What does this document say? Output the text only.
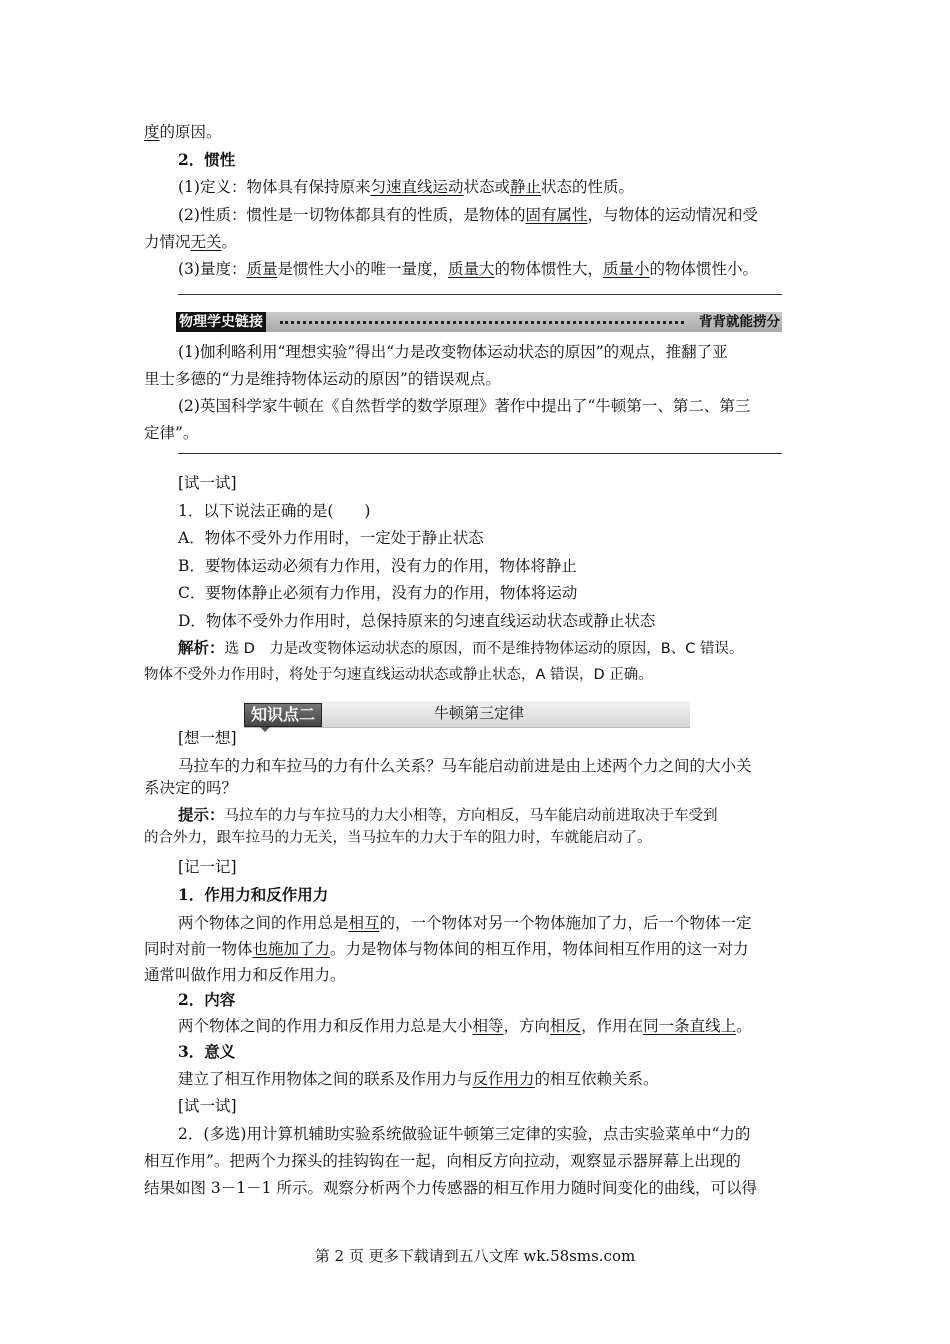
度的原因。
2．惯性
(1)定义：物体具有保持原来匀速直线运动状态或静止状态的性质。
(2)性质：惯性是一切物体都具有的性质，是物体的固有属性，与物体的运动情况和受
力情况无关。
(3)量度：质量是惯性大小的唯一量度，质量大的物体惯性大，质量小的物体惯性小。
物理学史链接	背背就能捞分
(1)伽利略利用“理想实验”得出“力是改变物体运动状态的原因”的观点，推翻了亚
里士多德的“力是维持物体运动的原因”的错误观点。
(2)英国科学家牛顿在《自然哲学的数学原理》著作中提出了“牛顿第一、第二、第三
定律”。
[试一试]
1．以下说法正确的是(　　)
A．物体不受外力作用时，一定处于静止状态
B．要物体运动必须有力作用，没有力的作用，物体将静止
C．要物体静止必须有力作用，没有力的作用，物体将运动
D．物体不受外力作用时，总保持原来的匀速直线运动状态或静止状态
解析：选 D　力是改变物体运动状态的原因，而不是维持物体运动的原因，B、C 错误。
物体不受外力作用时，将处于匀速直线运动状态或静止状态，A 错误，D 正确。
知识点二	牛顿第三定律
[想一想]
马拉车的力和车拉马的力有什么关系？马车能启动前进是由上述两个力之间的大小关
系决定的吗？
提示：马拉车的力与车拉马的力大小相等，方向相反，马车能启动前进取决于车受到
的合外力，跟车拉马的力无关，当马拉车的力大于车的阻力时，车就能启动了。
[记一记]
1．作用力和反作用力
两个物体之间的作用总是相互的，一个物体对另一个物体施加了力，后一个物体一定
同时对前一物体也施加了力。力是物体与物体间的相互作用，物体间相互作用的这一对力
通常叫做作用力和反作用力。
2．内容
两个物体之间的作用力和反作用力总是大小相等，方向相反，作用在同一条直线上。
3．意义
建立了相互作用物体之间的联系及作用力与反作用力的相互依赖关系。
[试一试]
2．(多选)用计算机辅助实验系统做验证牛顿第三定律的实验，点击实验菜单中“力的
相互作用”。把两个力探头的挂钩钩在一起，向相反方向拉动，观察显示器屏幕上出现的
结果如图 3－1－1 所示。观察分析两个力传感器的相互作用力随时间变化的曲线，可以得
第 2 页 更多下载请到五八文库 wk.58sms.com
